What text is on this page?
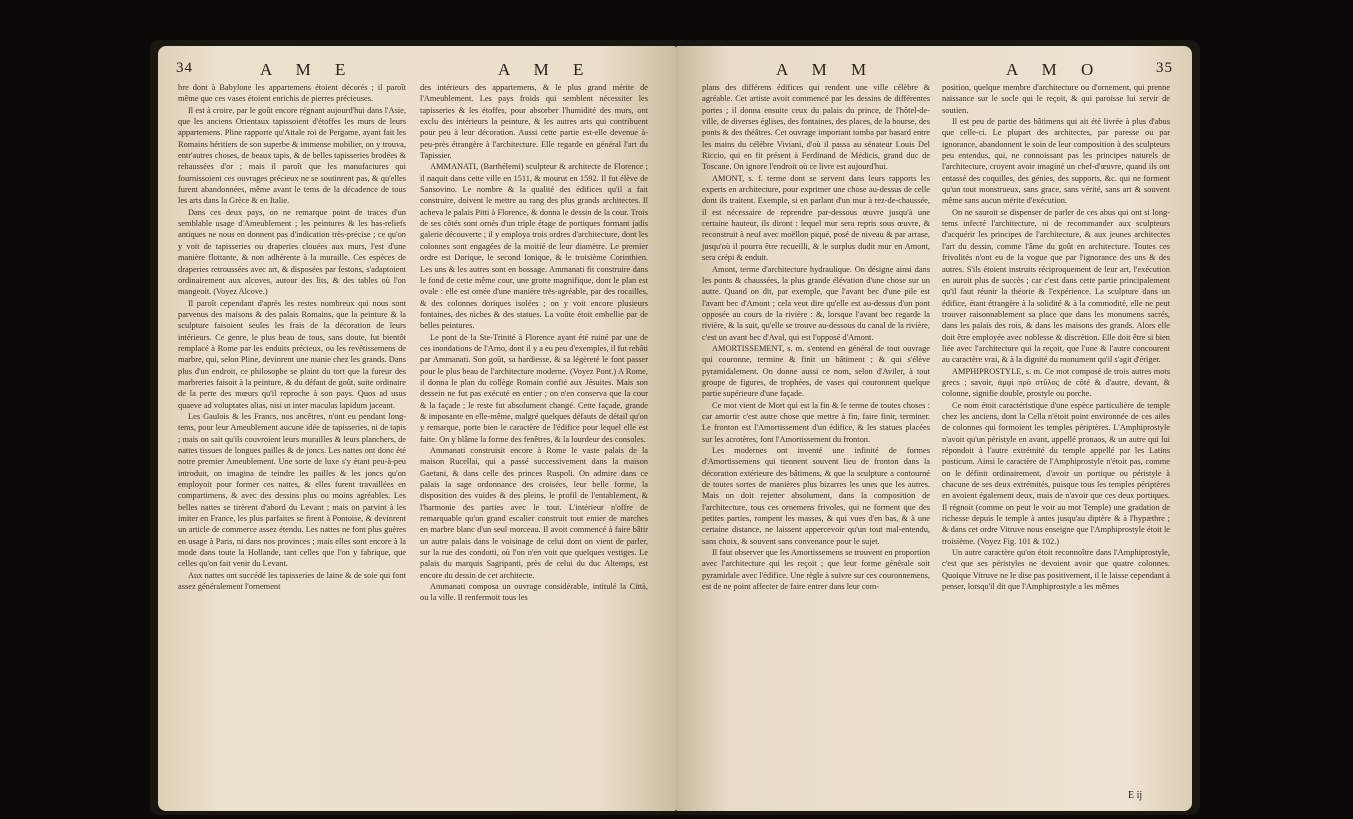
34	A M E	A M E

bre dont à Babylone les appartemens étoient décorés ; il paroît même que ces vases étoient enrichis de pierres précieuses.

Il est à croire, par le goût encore régnant aujourd'hui dans l'Asie, que les anciens Orientaux tapissoient d'étoffes les murs de leurs appartemens. Pline rapporte qu'Attale roi de Pergame, ayant fait les Romains héritiers de son superbe & immense mobilier, on y trouva, entr'autres choses, de beaux tapis, & de belles tapisseries brodées & rehaussées d'or ; mais il paroît que les manufactures qui fournissoient ces ouvrages précieux ne se soutinrent pas, & qu'elles furent abandonnées, même avant le tems de la décadence de tous les arts dans la Grèce & en Italie.

Dans ces deux pays, on ne remarque point de traces d'un semblable usage d'Ameublement ; les peintures & les bas-reliefs antiques ne nous en donnent pas d'indication très-précise ; ce qu'on y voit de tapisseries ou draperies clouées aux murs, l'est d'une manière flottante, & non adhérente à la muraille. Ces espèces de draperies retroussées avec art, & disposées par festons, s'adaptoient ordinairement aux alcoves, autour des lits, & des tables où l'on mangeoit. (Voyez Alcove.)

Il paroît cependant d'après les restes nombreux qui nous sont parvenus des maisons & des palais Romains, que la peinture & la sculpture faisoient seules les frais de la décoration de leurs intérieurs. Ce genre, le plus beau de tous, sans doute, fut bientôt remplacé à Rome par les enduits précieux, ou les revêtissemens de marbre, qui, selon Pline, devinrent une manie chez les grands. Dans plus d'un endroit, ce philosophe se plaint du tort que la fureur des marbreries faisoit à la peinture, & du défaut de goût, suite ordinaire de la perte des mœurs qu'il reproche à son pays. Quos ad usus quaeve ad voluptates alias, nisi ut inter maculas lapidum jaceant.

Les Gaulois & les Francs, nos ancêtres, n'ont eu pendant long-tems, pour leur Ameublement aucune idée de tapisseries, ni de tapis ; mais on sait qu'ils couvroient leurs murailles & leurs planchers, de nattes tissues de longues pailles & de joncs. Les nattes ont donc été notre premier Ameublement. Une sorte de luxe s'y étant peu-à-peu introduit, on imagina de teindre les pailles & les joncs qu'on employoit pour former ces nattes, & elles furent travaillées en compartimens, & avec des dessins plus ou moins agréables. Les belles nattes se tirèrent d'abord du Levant ; mais on parvint à les imiter en France, les plus parfaites se firent à Pontoise, & devinrent un article de commerce assez étendu. Les nattes ne font plus guères en usage à Paris, ni dans nos provinces ; mais elles sont encore à la mode dans toute la Hollande, tant celles que l'on y fabrique, que celles qu'on fait venir du Levant.

Aux nattes ont succédé les tapisseries de laine & de soie qui font assez généralement l'ornement

des intérieurs des appartemens, & le plus grand mérite de l'Ameublement. Les pays froids qui semblent nécessiter les tapisseries & les étoffes, pour absorber l'humidité des murs, ont exclu des intérieurs la peinture, & les autres arts qui contribuent pour peu à leur décoration. Aussi cette partie est-elle devenue à-peu-près étrangère à l'architecture. Elle regarde en général l'art du Tapissier.

AMMANATI, (Barthélemi) sculpteur & architecte de Florence ; il naquit dans cette ville en 1511, & mourut en 1592. Il fut élève de Sansovino. Le nombre & la qualité des édifices qu'il a fait construire, doivent le mettre au rang des plus grands architectes. Il acheva le palais Pitti à Florence, & donna le dessin de la cour. Trois de ses côtés sont ornés d'un triple étage de portiques formant jadis galerie découverte ; il y employa trois ordres d'architecture, dont les colonnes sont engagées de la moitié de leur diamètre. Le premier ordre est Dorique, le second Ionique, & le troisième Corinthien. Les uns & les autres sont en bossage. Ammanati fit construire dans le fond de cette même cour, une grotte magnifique, dont le plan est ovale : elle est ornée d'une manière très-agréable, par des rocailles, & des colonnes doriques isolées ; on y voit encore plusieurs fontaines, des niches & des statues. La voûte étoit embellie par de belles peintures.

Le pont de la Ste-Trinité à Florence ayant été ruiné par une de ces inondations de l'Arno, dont il y a eu peu d'exemples, il fut rebâti par Ammanati. Son goût, sa hardiesse, & sa légèreté le font passer pour le plus beau de l'architecture moderne. (Voyez Pont.) A Rome, il donna le plan du collège Romain confié aux Jésuites. Mais son dessein ne fut pas exécuté en entier ; on n'en conserva que la cour & la façade ; le reste fut absolument changé. Cette façade, grande & imposante en elle-même, malgré quelques défauts de détail qu'on y remarque, porte bien le caractère de l'édifice pour lequel elle est faite. On y blâme la forme des fenêtres, & la lourdeur des consoles.

Ammanati construisit encore à Rome le vaste palais de la maison Rucellai, qui a passé successivement dans la maison Gaetani, & dans celle des princes Ruspoli. On admire dans ce palais la sage ordonnance des croisées, leur belle forme, la disposition des vuides & des pleins, le profil de l'entablement, & l'harmonie des parties avec le tout. L'intérieur n'offre de remarquable qu'un grand escalier construit tout entier de marches en marbre blanc d'un seul morceau. Il avoit commencé à faire bâtir un autre palais dans le voisinage de celui dont on vient de parler, sur la rue des condotti, où l'on n'en voit que quelques vestiges. Le palais du marquis Sagripanti, près de celui du duc Altemps, est encore du dessin de cet architecte.

Ammanati composa un ouvrage considérable, intitulé la Città, ou la ville. Il renfermoit tous les

A M M	A M O	35

plans des différens édifices qui rendent une ville célèbre & agréable. Cet artiste avoit commencé par les dessins de différentes portes ; il donna ensuite ceux du palais du prince, de l'hôtel-de-ville, de diverses églises, des fontaines, des places, de la bourse, des ponts & des théâtres. Cet ouvrage important tomba par hasard entre les mains du célèbre Viviani, d'où il passa au sénateur Louis Del Riccio, qui en fit présent à Ferdinand de Médicis, grand duc de Toscane. On ignore l'endroit où ce livre est aujourd'hui.

AMONT, s. f. terme dont se servent dans leurs rapports les experts en architecture, pour exprimer une chose au-dessus de celle dont ils traitent. Exemple, si en parlant d'un mur à rez-de-chaussée, il est nécessaire de reprendre par-dessous œuvre jusqu'à une certaine hauteur, ils diront : lequel mur sera repris sous œuvre, & reconstruit à neuf avec moëllon piqué, posé de niveau & par arrase, jusqu'où il pourra être recueilli, & le surplus dudit mur en Amont, sera crépi & enduit.

Amont, terme d'architecture hydraulique. On désigne ainsi dans les ponts & chaussées, la plus grande élévation d'une chose sur un autre. Quand on dit, par exemple, que l'avant bec d'une pile est l'avant bec d'Amont ; cela veut dire qu'elle est au-dessus d'un pont opposée au cours de la rivière : &, lorsque l'avant bec regarde la rivière, & la suit, qu'elle se trouve au-dessous du canal de la rivière, c'est un avant bec d'Aval, qui est l'opposé d'Amont.

AMORTISSEMENT, s. m. s'entend en général de tout ouvrage qui couronne, termine & finit un bâtiment ; & qui s'élève pyramidalement. On donne aussi ce nom, selon d'Aviler, à tout groupe de figures, de trophées, de vases qui couronnent quelque partie supérieure d'une façade.

Ce mot vient de Mort qui est la fin & le terme de toutes choses : car amortir c'est autre chose que mettre à fin, faire finir, terminer. Le fronton est l'Amortissement d'un édifice, & les statues placées sur les acrotères, font l'Amortissement du fronton.

Les modernes ont inventé une infinité de formes d'Amortissemens qui tiennent souvent lieu de fronton dans la décoration extérieure des bâtimens, & que la sculpture a contourné de toutes sortes de manières plus bizarres les unes que les autres. Mais on doit rejetter absolument, dans la composition de l'architecture, tous ces ornemens frivoles, qui ne forment que des petites parties, rompent les masses, & qui vues d'en bas, & à une certaine distance, ne laissent appercevoir qu'un tout mal-entendu, sans choix, & souvent sans convenance pour le sujet.

Il faut observer que les Amortissemens se trouvent en proportion avec l'architecture qui les reçoit ; que leur forme générale soit pyramidale avec l'édifice. Une règle à suivre sur ces couronnemens, est de ne point affecter de faire entrer dans leur com-

position, quelque membre d'architecture ou d'ornement, qui prenne naissance sur le socle qui le reçoit, & qui paroisse lui servir de soutien.

Il est peu de partie des bâtimens qui ait été livrée à plus d'abus que celle-ci. Le plupart des architectes, par paresse ou par ignorance, abandonnent le soin de leur composition à des sculpteurs peu entendus, qui, ne connoissant pas les principes naturels de l'architecture, croyent avoir imaginé un chef-d'œuvre, quand ils ont entassé des coquilles, des génies, des supports, &c. qui ne forment qu'un tout monstrueux, sans grace, sans vérité, sans art & souvent même sans aucun mérite d'exécution.

On ne sauroit se dispenser de parler de ces abus qui ont si long-tems infecté l'architecture, ni de recommander aux sculpteurs d'acquérir les principes de l'architecture, & aux jeunes architectes l'art du dessin, comme l'âme du goût en architecture. Toutes ces frivolités n'ont eu de la vogue que par l'ignorance des uns & des autres. S'ils étoient instruits réciproquement de leur art, l'exécution en auroit plus de succès ; car c'est dans cette partie principalement qu'il faut réunir la théorie & l'expérience. La sculpture dans un édifice, étant étrangère à la solidité & à la commodité, elle ne peut trouver raisonnablement sa place que dans les monumens sacrés, dans les palais des rois, & dans les maisons des grands. Alors elle doit être employée avec noblesse & discrétion. Elle doit être si bien liée avec l'architecture qui la reçoit, que l'une & l'autre concourent au caractère vrai, & à la dignité du monument qu'il s'agit d'ériger.

AMPHIPROSTYLE, s. m. Ce mot composé de trois autres mots grecs ; savoir, ἀμφὶ πρὸ στῦλος de côté & d'autre, devant, & colonne, signifie double, prostyle ou porche.

Ce nom étoit caractéristique d'une espèce particulière de temple chez les anciens, dont la Cella n'étoit point environnée de ces ailes de colonnes qui formoient les temples périptères. L'Amphiprostyle n'avoit qu'un péristyle en avant, appellé pronaos, & un autre qui lui répondoit à l'autre extrémité du temple appellé par les Latins posticum. Ainsi le caractère de l'Amphiprostyle n'étoit pas, comme on le définit ordinairement, d'avoir un portique ou péristyle à chacune de ses deux extrémités, puisque tous les temples périptères en avoient également deux, mais de n'avoir que ces deux portiques. Il régnoit (comme on peut le voir au mot Temple) une gradation de richesse depuis le temple à antes jusqu'au diptère & à l'hypæthre ; & dans cet ordre Vitruve nous enseigne que l'Amphiprostyle étoit le troisième. (Voyez Fig. 101 & 102.)

Un autre caractère qu'on étoit reconnoître dans l'Amphiprostyle, c'est que ses péristyles ne devoient avoir que quatre colonnes. Quoique Vitruve ne le dise pas positivement, il le laisse cependant à penser, lorsqu'il dit que l'Amphiprostyle a les mêmes

E ij
